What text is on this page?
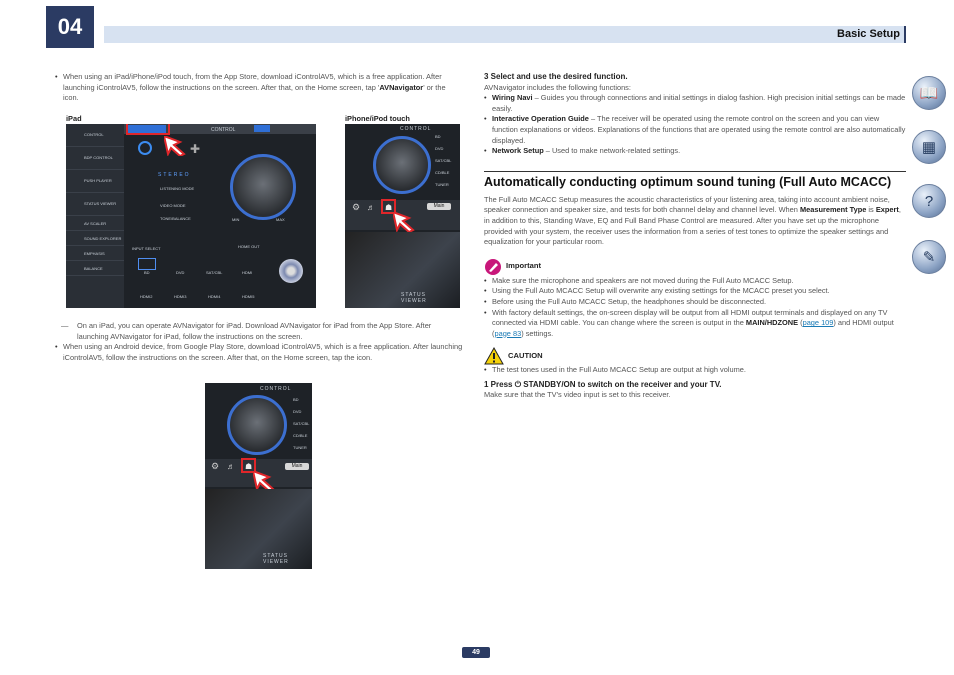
04	Basic Setup
• When using an iPad/iPhone/iPod touch, from the App Store, download iControlAV5, which is a free application. After launching iControlAV5, follow the instructions on the screen. After that, on the Home screen, tap 'AVNavigator' or the icon.
iPad	iPhone/iPod touch
CONTROL
BDP CONTROL
PUSH PLAYER
STATUS VIEWER
AV SCALER
SOUND EXPLORER
EMPHASIS
BALANCE
CONTROL
✚
STEREO
LISTENING MODE
VIDEO MODE
TONE/BALANCE	MIN	MAX
INPUT SELECT	HOME OUT
BD	DVD	SAT/CBL	HDMI
HDMI2	HDMI3	HDMI4	HDMI5
CONTROL
BD
DVD
SAT/CBL
CD/BLE
TUNER
⚙ ♬ ☗	Main
STATUS
VIEWER
— On an iPad, you can operate AVNavigator for iPad. Download AVNavigator for iPad from the App Store. After launching AVNavigator for iPad, follow the instructions on the screen.
• When using an Android device, from Google Play Store, download iControlAV5, which is a free application. After launching iControlAV5, follow the instructions on the screen. After that, on the Home screen, tap the icon.
CONTROL
BD
DVD
SAT/CBL
CD/BLE
TUNER
⚙ ♬ ☗	Main
STATUS
VIEWER
3 Select and use the desired function.
AVNavigator includes the following functions:
• Wiring Navi – Guides you through connections and initial settings in dialog fashion. High precision initial settings can be made easily.
• Interactive Operation Guide – The receiver will be operated using the remote control on the screen and you can view function explanations or videos. Explanations of the functions that are operated using the remote control are also automatically displayed.
• Network Setup – Used to make network-related settings.
Automatically conducting optimum sound tuning (Full Auto MCACC)

The Full Auto MCACC Setup measures the acoustic characteristics of your listening area, taking into account ambient noise, speaker connection and speaker size, and tests for both channel delay and channel level. When Measurement Type is Expert, in addition to this, Standing Wave, EQ and Full Band Phase Control are measured. After you have set up the microphone provided with your system, the receiver uses the information from a series of test tones to optimize the speaker settings and equalization for your particular room.

Important
• Make sure the microphone and speakers are not moved during the Full Auto MCACC Setup.
• Using the Full Auto MCACC Setup will overwrite any existing settings for the MCACC preset you select.
• Before using the Full Auto MCACC Setup, the headphones should be disconnected.
• With factory default settings, the on-screen display will be output from all HDMI output terminals and displayed on any TV connected via HDMI cable. You can change where the screen is output in the MAIN/HDZONE (page 109) and HDMI output (page 83) settings.
CAUTION
• The test tones used in the Full Auto MCACC Setup are output at high volume.
1 Press ⏻ STANDBY/ON to switch on the receiver and your TV.
Make sure that the TV's video input is set to this receiver.
📖
▦
?
✎
49
